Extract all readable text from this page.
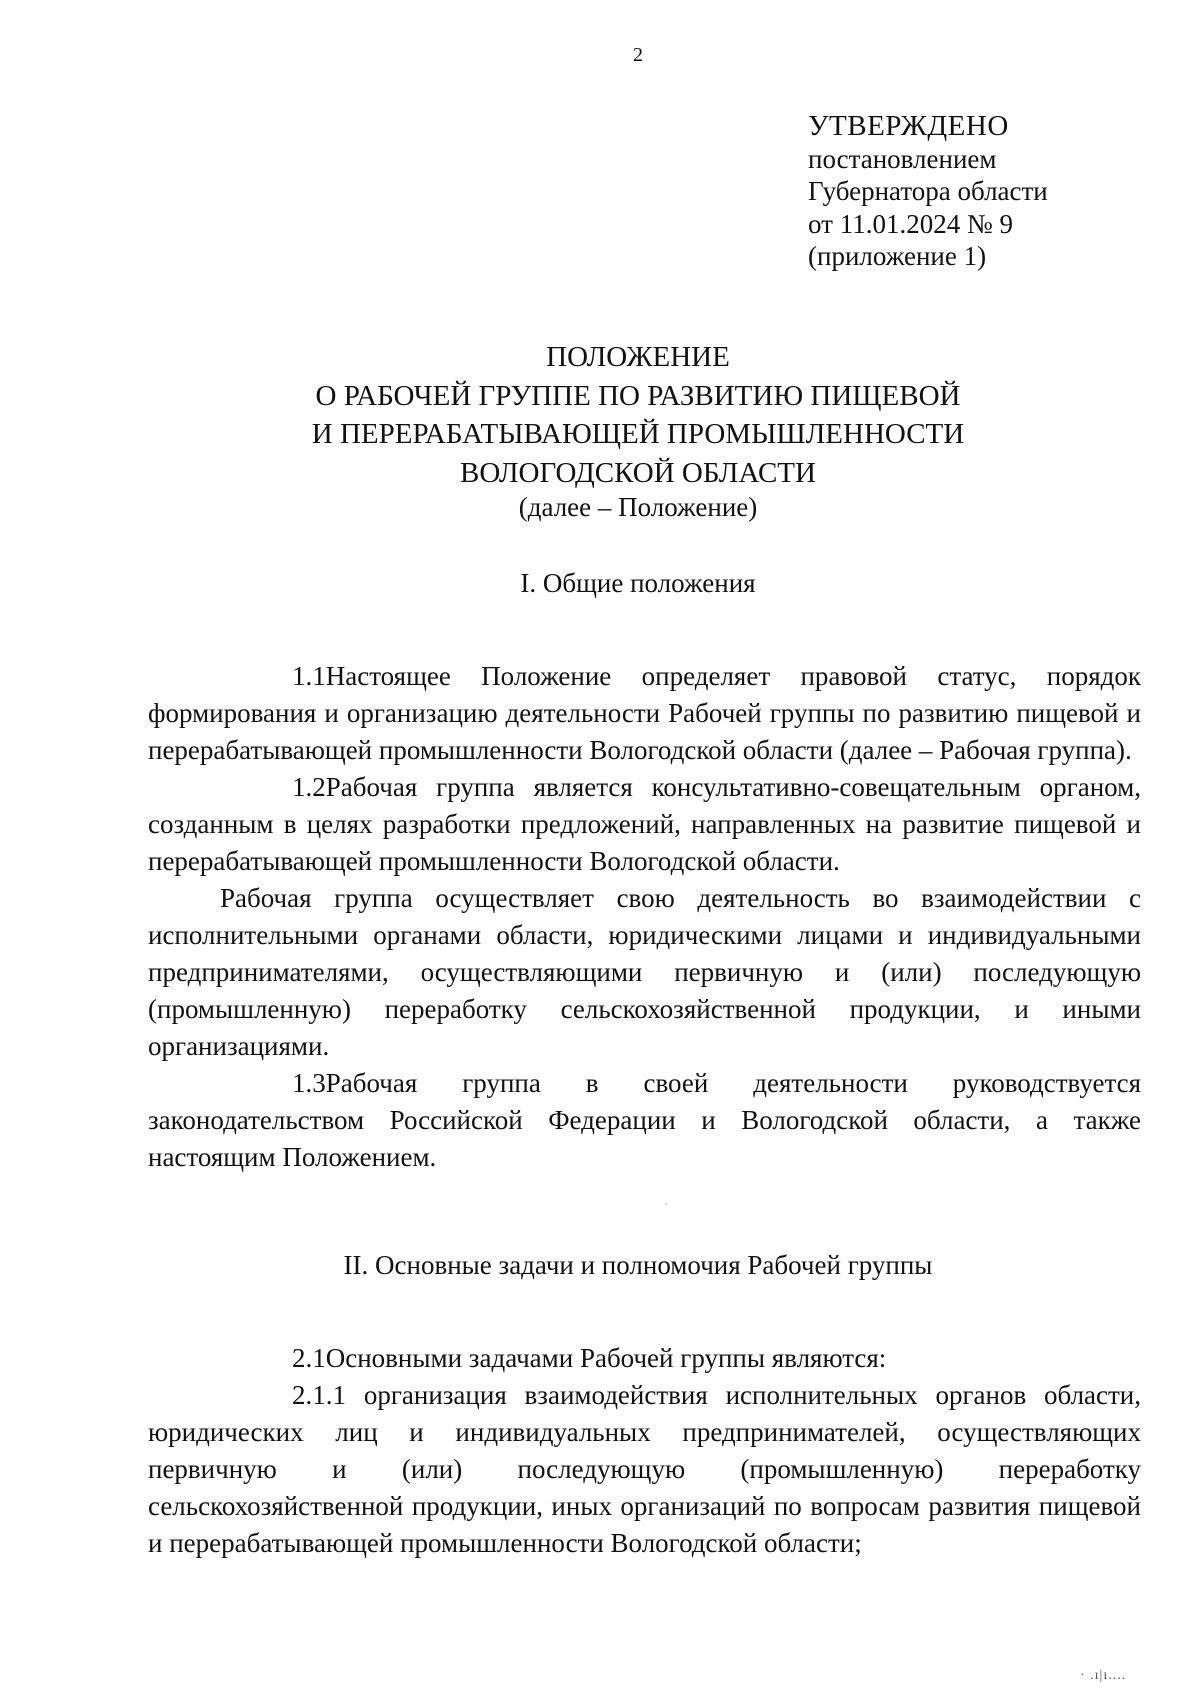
2
УТВЕРЖДЕНО
постановлением
Губернатора области
от 11.01.2024 № 9
(приложение 1)
ПОЛОЖЕНИЕ
О РАБОЧЕЙ ГРУППЕ ПО РАЗВИТИЮ ПИЩЕВОЙ
И ПЕРЕРАБАТЫВАЮЩЕЙ ПРОМЫШЛЕННОСТИ
ВОЛОГОДСКОЙ ОБЛАСТИ
(далее – Положение)
I. Общие положения

1.1Настоящее Положение определяет правовой статус, порядок формирования и организацию деятельности Рабочей группы по развитию пищевой и перерабатывающей промышленности Вологодской области (далее – Рабочая группа).

1.2Рабочая группа является консультативно-совещательным органом, созданным в целях разработки предложений, направленных на развитие пищевой и перерабатывающей промышленности Вологодской области.

Рабочая группа осуществляет свою деятельность во взаимодействии с исполнительными органами области, юридическими лицами и индивидуальными предпринимателями, осуществляющими первичную и (или) последующую (промышленную) переработку сельскохозяйственной продукции, и иными организациями.

1.3Рабочая группа в своей деятельности руководствуется законодательством Российской Федерации и Вологодской области, а также настоящим Положением.

II. Основные задачи и полномочия Рабочей группы

2.1Основными задачами Рабочей группы являются:

2.1.1 организация взаимодействия исполнительных органов области, юридических лиц и индивидуальных предпринимателей, осуществляющих первичную и (или) последующую (промышленную) переработку сельскохозяйственной продукции, иных организаций по вопросам развития пищевой и перерабатывающей промышленности Вологодской области;

· .ı|ı....
